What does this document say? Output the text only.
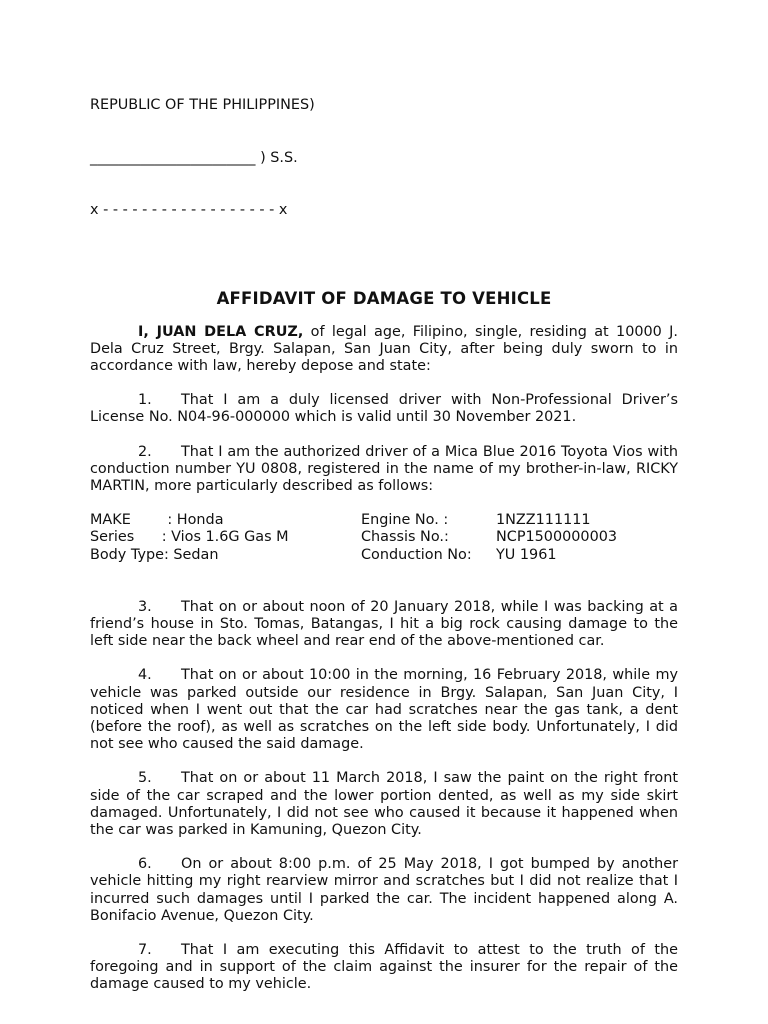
REPUBLIC OF THE PHILIPPINES)

_______________________ ) S.S.

x - - - - - - - - - - - - - - - - - - x

AFFIDAVIT OF DAMAGE TO VEHICLE

I, JUAN DELA CRUZ, of legal age, Filipino, single, residing at 10000 J. Dela Cruz Street, Brgy. Salapan, San Juan City, after being duly sworn to in accordance with law, hereby depose and state:

1. That I am a duly licensed driver with Non-Professional Driver’s License No. N04-96-000000 which is valid until 30 November 2021.

2. That I am the authorized driver of a Mica Blue 2016 Toyota Vios with conduction number YU 0808, registered in the name of my brother-in-law, RICKY MARTIN, more particularly described as follows:

MAKE        : Honda	Engine No. :	1NZZ111111
Series      : Vios 1.6G Gas M	Chassis No.:	NCP1500000003
Body Type: Sedan	Conduction No:	YU 1961

3. That on or about noon of 20 January 2018, while I was backing at a friend’s house in Sto. Tomas, Batangas, I hit a big rock causing damage to the left side near the back wheel and rear end of the above-mentioned car.

4. That on or about 10:00 in the morning, 16 February 2018, while my vehicle was parked outside our residence in Brgy. Salapan, San Juan City, I noticed when I went out that the car had scratches near the gas tank, a dent (before the roof), as well as scratches on the left side body. Unfortunately, I did not see who caused the said damage.

5. That on or about 11 March 2018, I saw the paint on the right front side of the car scraped and the lower portion dented, as well as my side skirt damaged. Unfortunately, I did not see who caused it because it happened when the car was parked in Kamuning, Quezon City.

6. On or about 8:00 p.m. of 25 May 2018, I got bumped by another vehicle hitting my right rearview mirror and scratches but I did not realize that I incurred such damages until I parked the car. The incident happened along A. Bonifacio Avenue, Quezon City.

7. That I am executing this Affidavit to attest to the truth of the foregoing and in support of the claim against the insurer for the repair of the damage caused to my vehicle.
